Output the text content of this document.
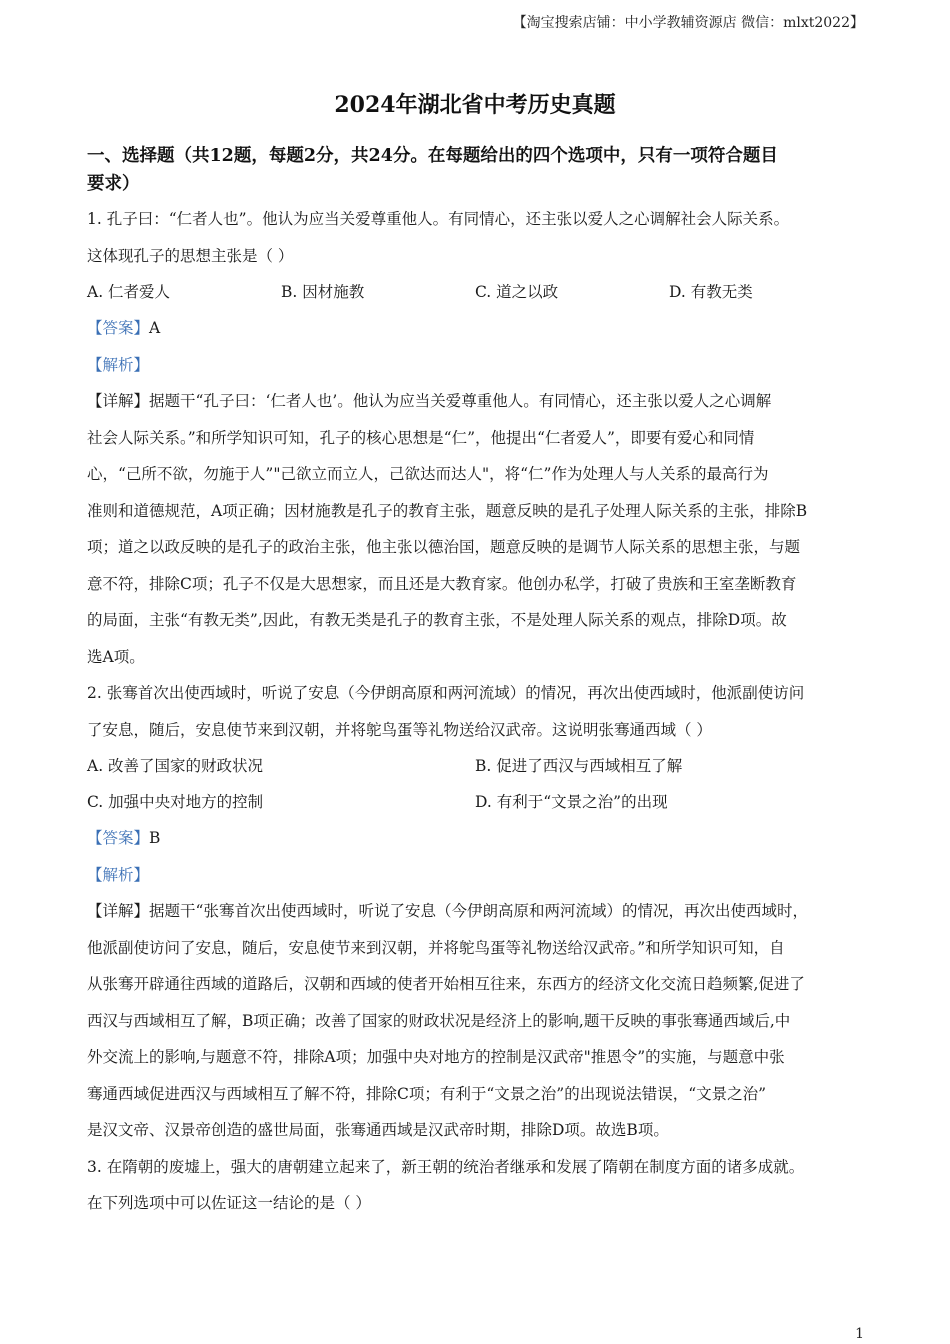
【淘宝搜索店铺：中小学教辅资源店 微信：mlxt2022】
2024年湖北省中考历史真题
一、选择题（共12题，每题2分，共24分。在每题给出的四个选项中，只有一项符合题目
要求）

1. 孔子曰：“仁者人也”。他认为应当关爱尊重他人。有同情心，还主张以爱人之心调解社会人际关系。

这体现孔子的思想主张是（ ）

A. 仁者爱人	B. 因材施教	C. 道之以政	D. 有教无类

【答案】A

【解析】

【详解】据题干“孔子曰：‘仁者人也’。他认为应当关爱尊重他人。有同情心，还主张以爱人之心调解

社会人际关系。”和所学知识可知，孔子的核心思想是“仁”，他提出“仁者爱人”，即要有爱心和同情

心，“己所不欲，勿施于人”"己欲立而立人，己欲达而达人"，将“仁”作为处理人与人关系的最高行为

准则和道德规范，A项正确；因材施教是孔子的教育主张，题意反映的是孔子处理人际关系的主张，排除B

项；道之以政反映的是孔子的政治主张，他主张以德治国，题意反映的是调节人际关系的思想主张，与题

意不符，排除C项；孔子不仅是大思想家，而且还是大教育家。他创办私学，打破了贵族和王室垄断教育

的局面，主张“有教无类”,因此，有教无类是孔子的教育主张，不是处理人际关系的观点，排除D项。故

选A项。

2. 张骞首次出使西域时，听说了安息（今伊朗高原和两河流域）的情况，再次出使西域时，他派副使访问

了安息，随后，安息使节来到汉朝，并将鸵鸟蛋等礼物送给汉武帝。这说明张骞通西域（ ）

A. 改善了国家的财政状况	B. 促进了西汉与西域相互了解
C. 加强中央对地方的控制	D. 有利于“文景之治”的出现

【答案】B

【解析】

【详解】据题干“张骞首次出使西域时，听说了安息（今伊朗高原和两河流域）的情况，再次出使西域时，

他派副使访问了安息，随后，安息使节来到汉朝，并将鸵鸟蛋等礼物送给汉武帝。”和所学知识可知，自

从张骞开辟通往西域的道路后，汉朝和西域的使者开始相互往来，东西方的经济文化交流日趋频繁,促进了

西汉与西域相互了解，B项正确；改善了国家的财政状况是经济上的影响,题干反映的事张骞通西域后,中

外交流上的影响,与题意不符，排除A项；加强中央对地方的控制是汉武帝"推恩令”的实施，与题意中张

骞通西域促进西汉与西域相互了解不符，排除C项；有利于“文景之治”的出现说法错误，“文景之治”

是汉文帝、汉景帝创造的盛世局面，张骞通西域是汉武帝时期，排除D项。故选B项。

3. 在隋朝的废墟上，强大的唐朝建立起来了，新王朝的统治者继承和发展了隋朝在制度方面的诸多成就。

在下列选项中可以佐证这一结论的是（ ）

1
